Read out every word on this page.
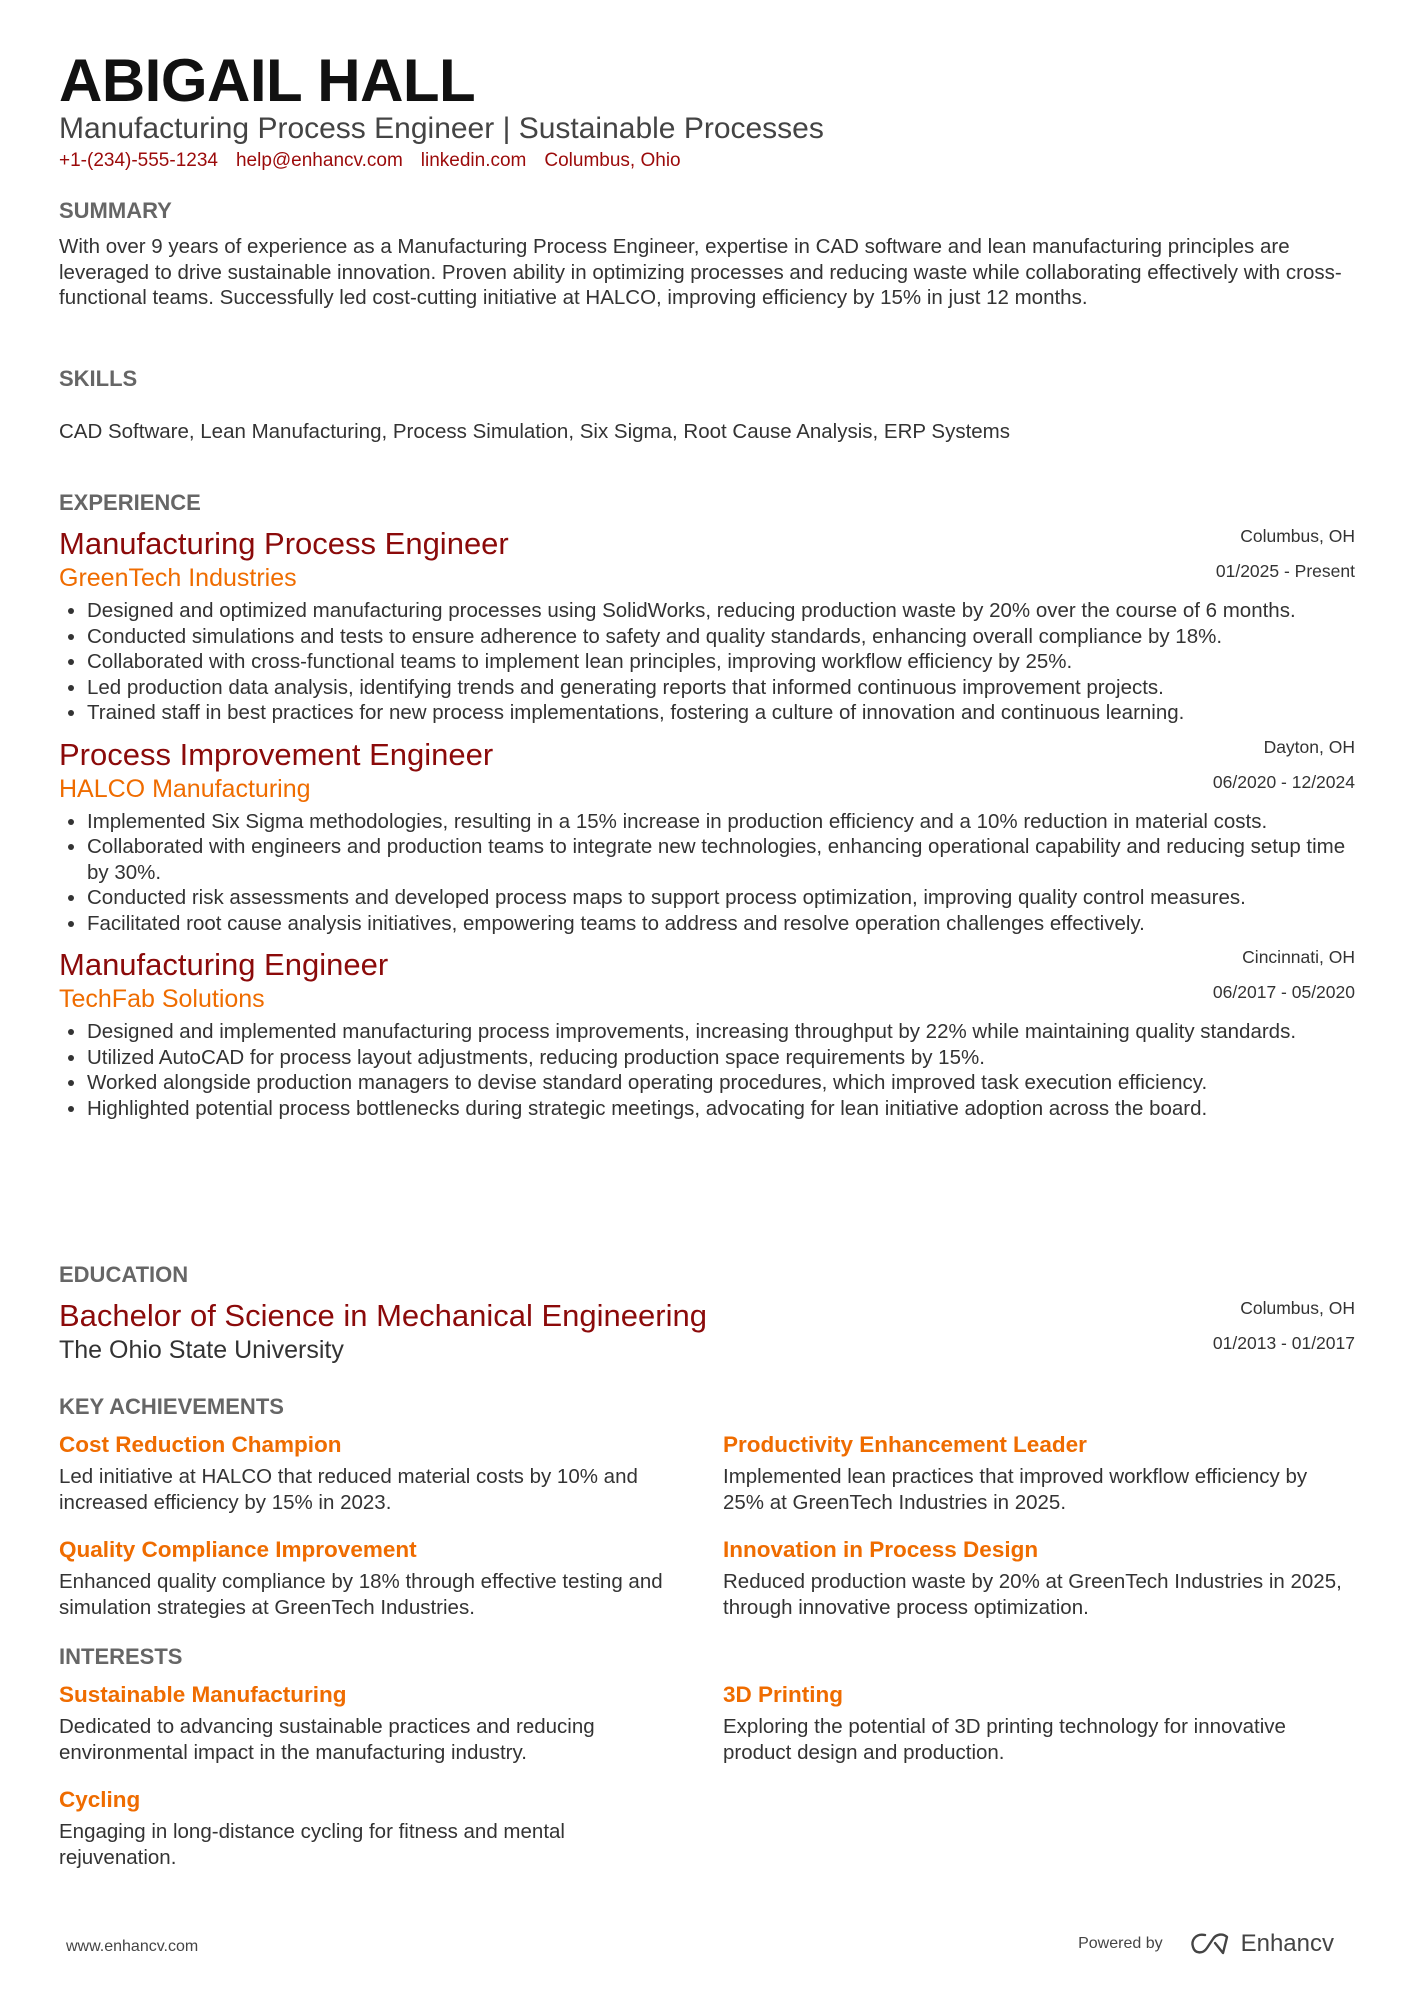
ABIGAIL HALL
Manufacturing Process Engineer | Sustainable Processes
+1-(234)-555-1234 help@enhancv.com linkedin.com Columbus, Ohio
SUMMARY
With over 9 years of experience as a Manufacturing Process Engineer, expertise in CAD software and lean manufacturing principles are leveraged to drive sustainable innovation. Proven ability in optimizing processes and reducing waste while collaborating effectively with cross-functional teams. Successfully led cost-cutting initiative at HALCO, improving efficiency by 15% in just 12 months.
SKILLS
CAD Software, Lean Manufacturing, Process Simulation, Six Sigma, Root Cause Analysis, ERP Systems
EXPERIENCE
Manufacturing Process Engineer
GreenTech Industries
Columbus, OH
01/2025 - Present
• Designed and optimized manufacturing processes using SolidWorks, reducing production waste by 20% over the course of 6 months.
• Conducted simulations and tests to ensure adherence to safety and quality standards, enhancing overall compliance by 18%.
• Collaborated with cross-functional teams to implement lean principles, improving workflow efficiency by 25%.
• Led production data analysis, identifying trends and generating reports that informed continuous improvement projects.
• Trained staff in best practices for new process implementations, fostering a culture of innovation and continuous learning.
Process Improvement Engineer
HALCO Manufacturing
Dayton, OH
06/2020 - 12/2024
• Implemented Six Sigma methodologies, resulting in a 15% increase in production efficiency and a 10% reduction in material costs.
• Collaborated with engineers and production teams to integrate new technologies, enhancing operational capability and reducing setup time by 30%.
• Conducted risk assessments and developed process maps to support process optimization, improving quality control measures.
• Facilitated root cause analysis initiatives, empowering teams to address and resolve operation challenges effectively.
Manufacturing Engineer
TechFab Solutions
Cincinnati, OH
06/2017 - 05/2020
• Designed and implemented manufacturing process improvements, increasing throughput by 22% while maintaining quality standards.
• Utilized AutoCAD for process layout adjustments, reducing production space requirements by 15%.
• Worked alongside production managers to devise standard operating procedures, which improved task execution efficiency.
• Highlighted potential process bottlenecks during strategic meetings, advocating for lean initiative adoption across the board.
EDUCATION
Bachelor of Science in Mechanical Engineering
The Ohio State University
Columbus, OH
01/2013 - 01/2017
KEY ACHIEVEMENTS
Cost Reduction Champion
Led initiative at HALCO that reduced material costs by 10% and increased efficiency by 15% in 2023.
Productivity Enhancement Leader
Implemented lean practices that improved workflow efficiency by 25% at GreenTech Industries in 2025.
Quality Compliance Improvement
Enhanced quality compliance by 18% through effective testing and simulation strategies at GreenTech Industries.
Innovation in Process Design
Reduced production waste by 20% at GreenTech Industries in 2025, through innovative process optimization.
INTERESTS
Sustainable Manufacturing
Dedicated to advancing sustainable practices and reducing environmental impact in the manufacturing industry.
3D Printing
Exploring the potential of 3D printing technology for innovative product design and production.
Cycling
Engaging in long-distance cycling for fitness and mental rejuvenation.
www.enhancv.com	Powered by	Enhancv
